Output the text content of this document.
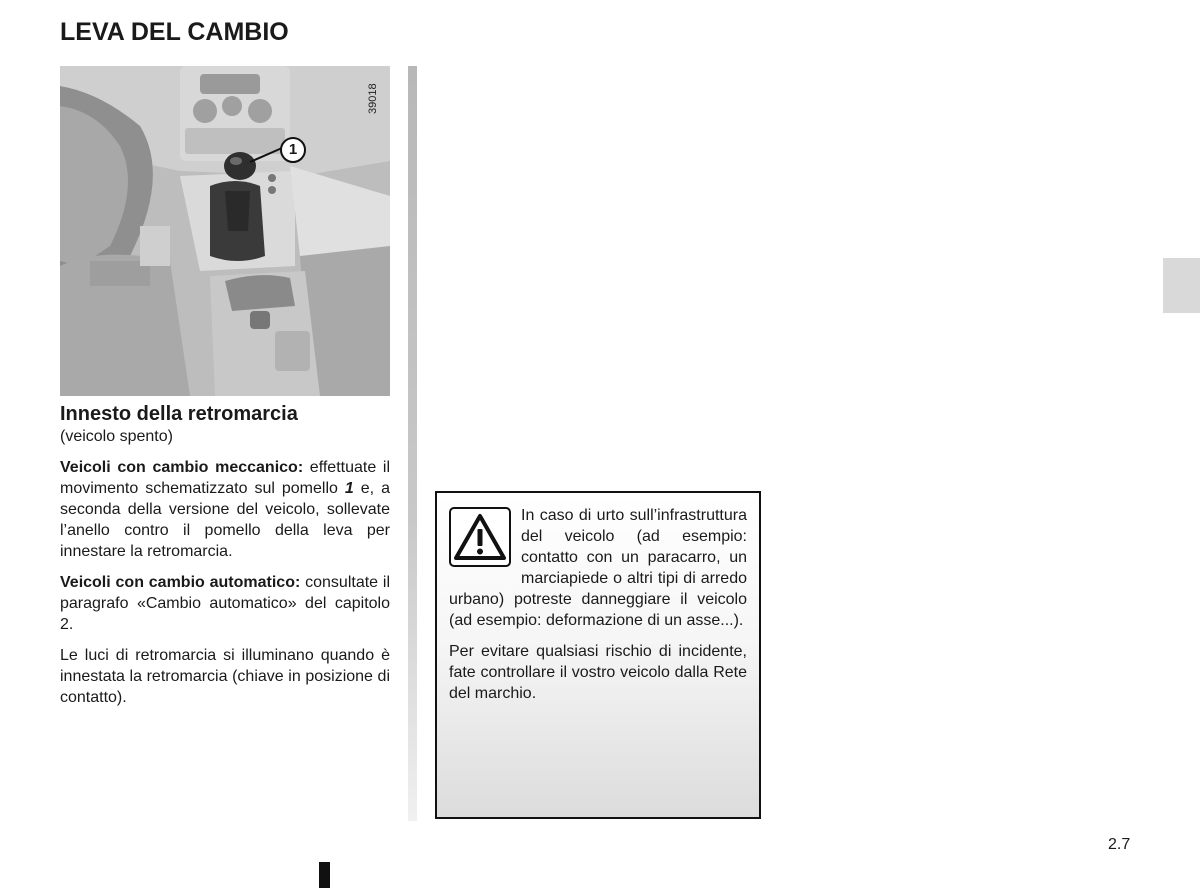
LEVA DEL CAMBIO
39018
1
Innesto della retromarcia
(veicolo spento)

Veicoli con cambio meccanico: effettuate il movimento schematizzato sul pomello 1 e, a seconda della versione del veicolo, sollevate l’anello contro il pomello della leva per innestare la retromarcia.

Veicoli con cambio automatico: consultate il paragrafo «Cambio automatico» del capitolo 2.

Le luci di retromarcia si illuminano quando è innestata la retromarcia (chiave in posizione di contatto).

In caso di urto sull’infrastruttura del veicolo (ad esempio: contatto con un paracarro, un marciapiede o altri tipi di arredo urbano) potreste danneggiare il veicolo (ad esempio: deformazione di un asse...).

Per evitare qualsiasi rischio di incidente, fate controllare il vostro veicolo dalla Rete del marchio.

2.7
